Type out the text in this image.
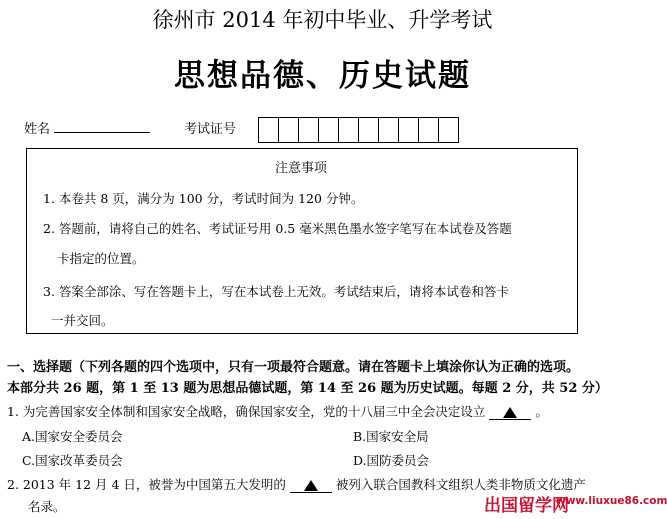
徐州市 2014 年初中毕业、升学考试
思想品德、历史试题
姓名	考试证号
注意事项
1. 本卷共 8 页，满分为 100 分，考试时间为 120 分钟。
2. 答题前，请将自己的姓名、考试证号用 0.5 毫米黑色墨水签字笔写在本试卷及答题
卡指定的位置。
3. 答案全部涂、写在答题卡上，写在本试卷上无效。考试结束后，请将本试卷和答卡
一并交回。
一、选择题（下列各题的四个选项中，只有一项最符合题意。请在答题卡上填涂你认为正确的选项。
本部分共 26 题，第 1 至 13 题为思想品德试题，第 14 至 26 题为历史试题。每题 2 分，共 52 分）
1. 为完善国家安全体制和国家安全战略，确保国家安全，党的十八届三中全会决定设立	。
A.国家安全委员会	B.国家安全局
C.国家改革委员会	D.国防委员会
2. 2013 年 12 月 4 日，被誉为中国第五大发明的	被列入联合国教科文组织人类非物质文化遗产
名录。	出国留学网
www.liuxue86.com
